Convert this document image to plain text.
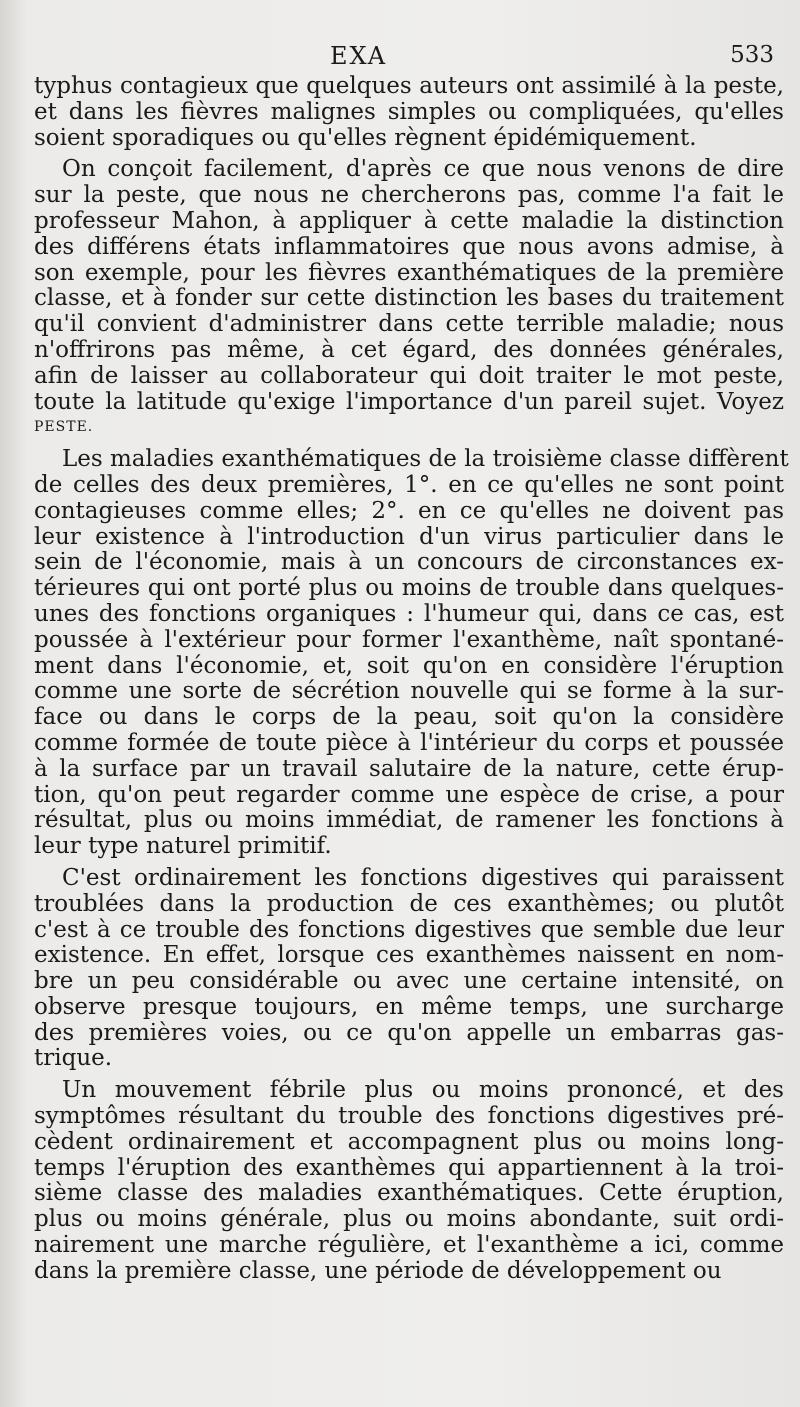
EXA	533
typhus contagieux que quelques auteurs ont assimilé à la peste,
et dans les fièvres malignes simples ou compliquées, qu'elles
soient sporadiques ou qu'elles règnent épidémiquement.
On conçoit facilement, d'après ce que nous venons de dire
sur la peste, que nous ne chercherons pas, comme l'a fait le
professeur Mahon, à appliquer à cette maladie la distinction
des différens états inflammatoires que nous avons admise, à
son exemple, pour les fièvres exanthématiques de la première
classe, et à fonder sur cette distinction les bases du traitement
qu'il convient d'administrer dans cette terrible maladie; nous
n'offrirons pas même, à cet égard, des données générales,
afin de laisser au collaborateur qui doit traiter le mot peste,
toute la latitude qu'exige l'importance d'un pareil sujet. Voyez
PESTE.
Les maladies exanthématiques de la troisième classe diffèrent
de celles des deux premières, 1°. en ce qu'elles ne sont point
contagieuses comme elles; 2°. en ce qu'elles ne doivent pas
leur existence à l'introduction d'un virus particulier dans le
sein de l'économie, mais à un concours de circonstances ex-
térieures qui ont porté plus ou moins de trouble dans quelques-
unes des fonctions organiques : l'humeur qui, dans ce cas, est
poussée à l'extérieur pour former l'exanthème, naît spontané-
ment dans l'économie, et, soit qu'on en considère l'éruption
comme une sorte de sécrétion nouvelle qui se forme à la sur-
face ou dans le corps de la peau, soit qu'on la considère
comme formée de toute pièce à l'intérieur du corps et poussée
à la surface par un travail salutaire de la nature, cette érup-
tion, qu'on peut regarder comme une espèce de crise, a pour
résultat, plus ou moins immédiat, de ramener les fonctions à
leur type naturel primitif.
C'est ordinairement les fonctions digestives qui paraissent
troublées dans la production de ces exanthèmes; ou plutôt
c'est à ce trouble des fonctions digestives que semble due leur
existence. En effet, lorsque ces exanthèmes naissent en nom-
bre un peu considérable ou avec une certaine intensité, on
observe presque toujours, en même temps, une surcharge
des premières voies, ou ce qu'on appelle un embarras gas-
trique.
Un mouvement fébrile plus ou moins prononcé, et des
symptômes résultant du trouble des fonctions digestives pré-
cèdent ordinairement et accompagnent plus ou moins long-
temps l'éruption des exanthèmes qui appartiennent à la troi-
sième classe des maladies exanthématiques. Cette éruption,
plus ou moins générale, plus ou moins abondante, suit ordi-
nairement une marche régulière, et l'exanthème a ici, comme
dans la première classe, une période de développement ou
